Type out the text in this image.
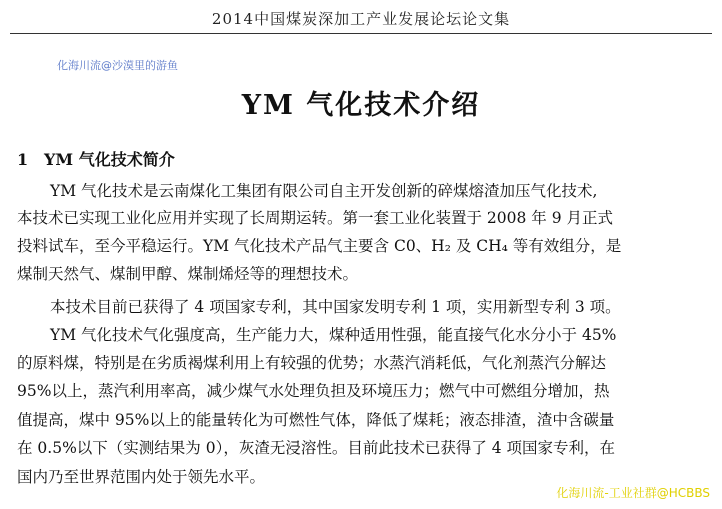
2014中国煤炭深加工产业发展论坛论文集
化海川流@沙漠里的游鱼
YM 气化技术介绍
1 YM 气化技术简介
YM 气化技术是云南煤化工集团有限公司自主开发创新的碎煤熔渣加压气化技术,
本技术已实现工业化应用并实现了长周期运转。第一套工业化装置于 2008 年 9 月正式
投料试车，至今平稳运行。YM 气化技术产品气主要含 C0、H₂ 及 CH₄ 等有效组分，是
煤制天然气、煤制甲醇、煤制烯烃等的理想技术。
本技术目前已获得了 4 项国家专利，其中国家发明专利 1 项，实用新型专利 3 项。
YM 气化技术气化强度高，生产能力大，煤种适用性强，能直接气化水分小于 45%
的原料煤，特别是在劣质褐煤利用上有较强的优势；水蒸汽消耗低，气化剂蒸汽分解达
95%以上，蒸汽利用率高，减少煤气水处理负担及环境压力；燃气中可燃组分增加，热
值提高，煤中 95%以上的能量转化为可燃性气体，降低了煤耗；液态排渣，渣中含碳量
在 0.5%以下（实测结果为 0），灰渣无浸溶性。目前此技术已获得了 4 项国家专利，在
国内乃至世界范围内处于领先水平。
化海川流-工业社群@HCBBS
